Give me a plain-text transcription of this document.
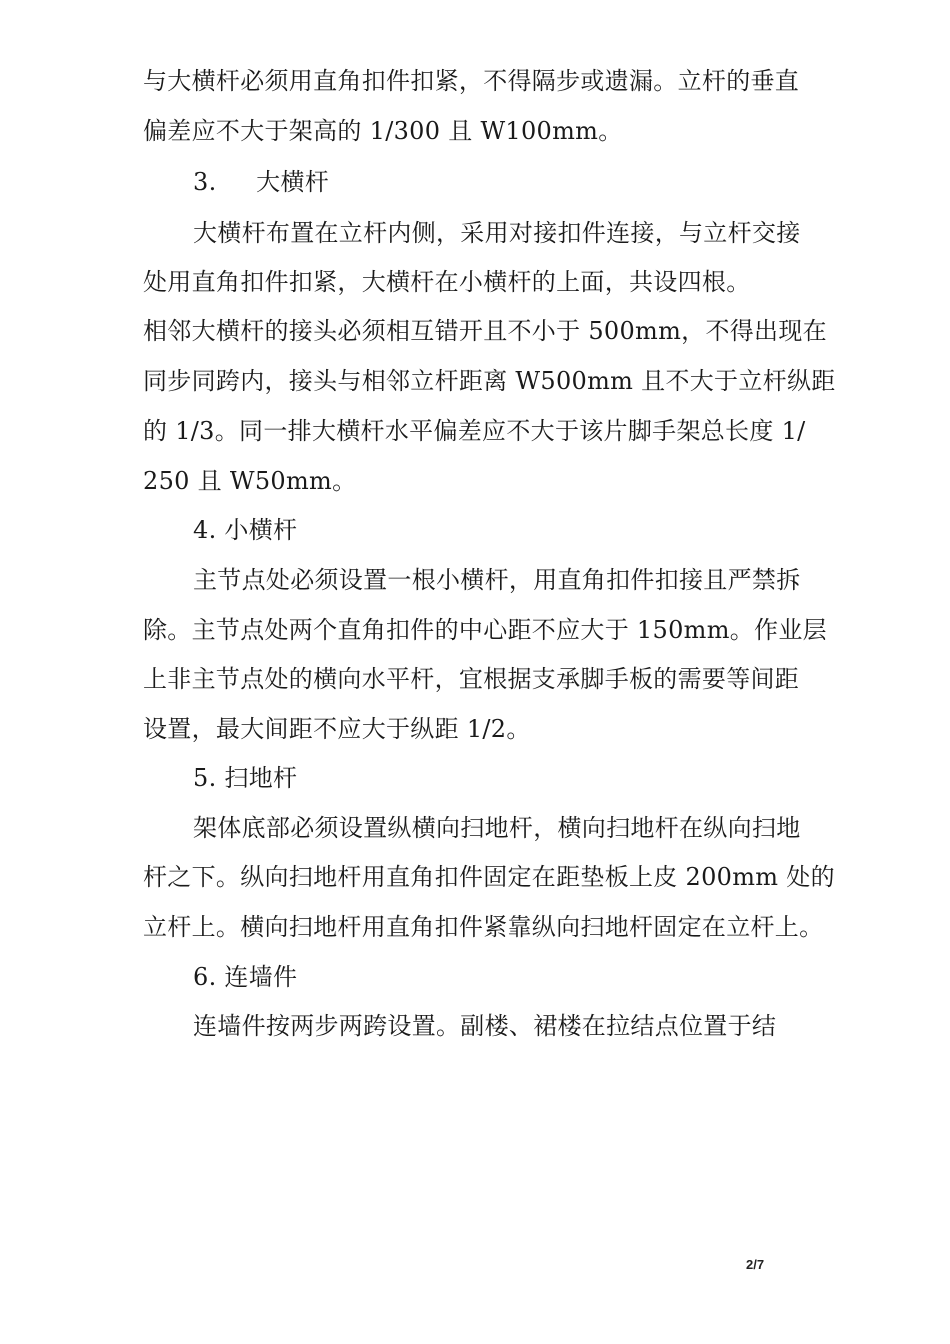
与大横杆必须用直角扣件扣紧，不得隔步或遗漏。立杆的垂直
偏差应不大于架高的 1/300 且 W100mm。
3.     大横杆
大横杆布置在立杆内侧，采用对接扣件连接，与立杆交接
处用直角扣件扣紧，大横杆在小横杆的上面，共设四根。
相邻大横杆的接头必须相互错开且不小于 500mm，不得出现在
同步同跨内，接头与相邻立杆距离 W500mm 且不大于立杆纵距
的 1/3。同一排大横杆水平偏差应不大于该片脚手架总长度 1/
250 且 W50mm。
4. 小横杆
主节点处必须设置一根小横杆，用直角扣件扣接且严禁拆
除。主节点处两个直角扣件的中心距不应大于 150mm。作业层
上非主节点处的横向水平杆，宜根据支承脚手板的需要等间距
设置，最大间距不应大于纵距 1/2。
5. 扫地杆
架体底部必须设置纵横向扫地杆，横向扫地杆在纵向扫地
杆之下。纵向扫地杆用直角扣件固定在距垫板上皮 200mm 处的
立杆上。横向扫地杆用直角扣件紧靠纵向扫地杆固定在立杆上。
6. 连墙件
连墙件按两步两跨设置。副楼、裙楼在拉结点位置于结
2/7
